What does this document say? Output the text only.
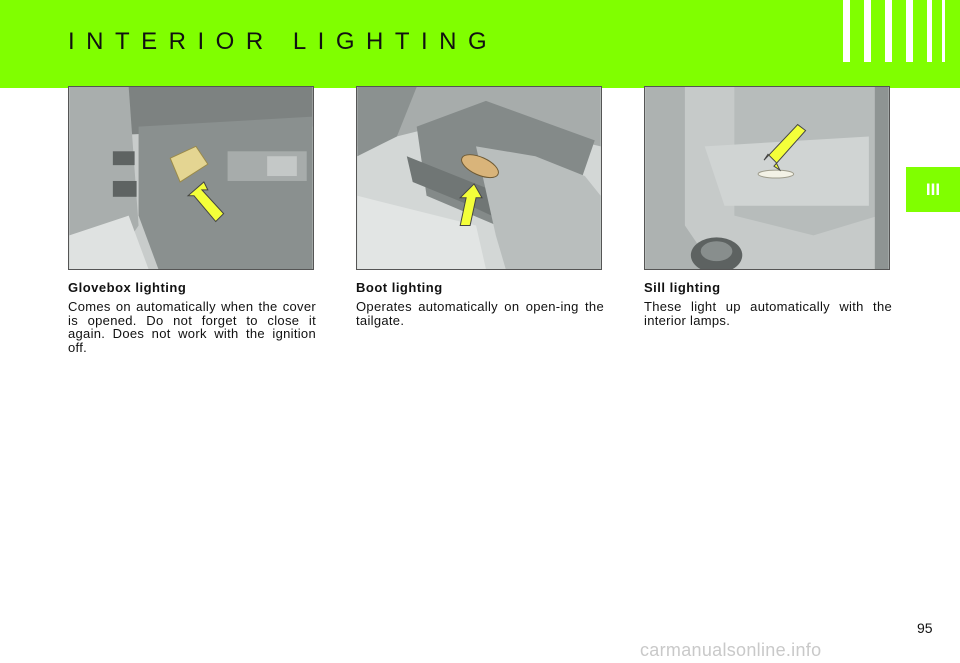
INTERIOR LIGHTING
III
Glovebox lighting

Comes on automatically when the cover is opened. Do not forget to close it again. Does not work with the ignition off.

Boot lighting

Operates automatically on open-ing the tailgate.

Sill lighting

These light up automatically with the interior lamps.

95
carmanualsonline.info
